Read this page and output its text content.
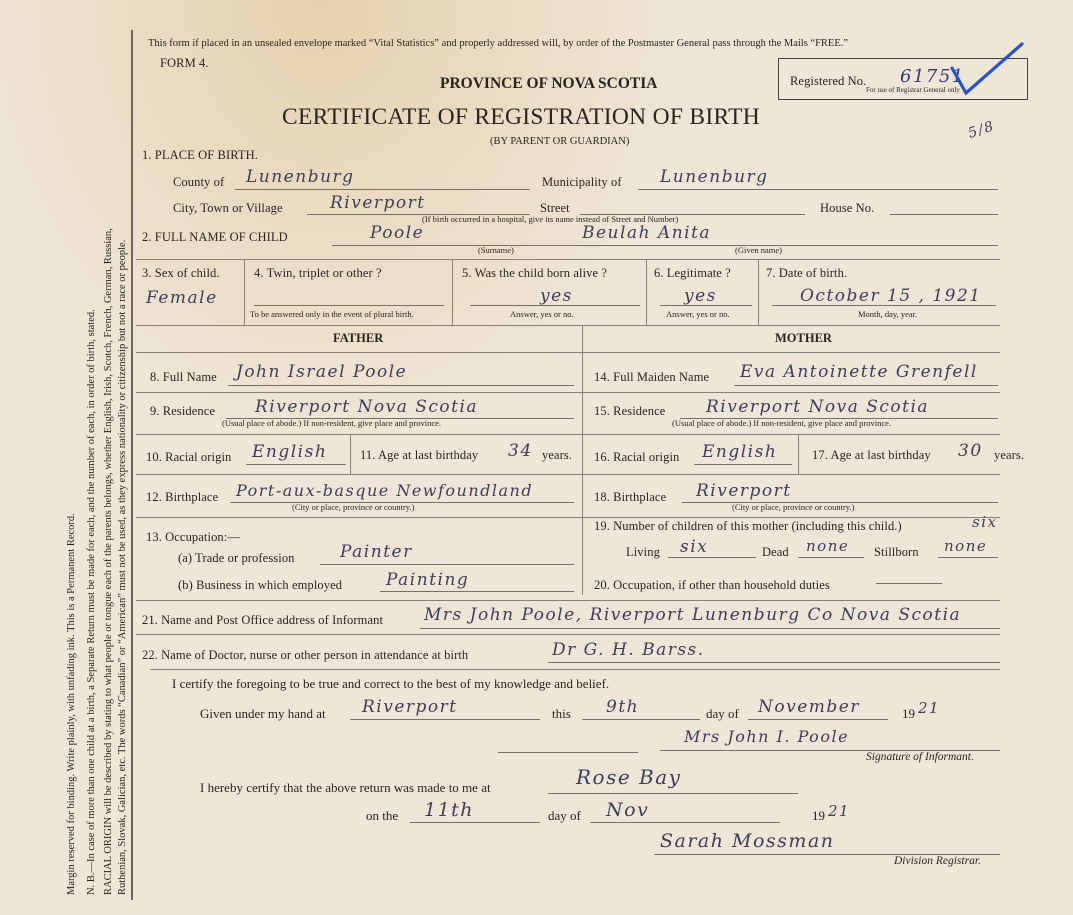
Margin reserved for binding. Write plainly, with unfading ink. This is a Permanent Record. N. B.—In case of more than one child at a birth, a Separate Return must be made for each, and the number of each, in order of birth, stated. RACIAL ORIGIN will be described by stating to what people or tongue each of the parents belongs, whether English, Irish, Scotch, French, German, Russian, Ruthenian, Slovak, Galician, etc. The words “Canadian” or “American” must not be used, as they express nationality or citizenship but not a race or people.
This form if placed in an unsealed envelope marked “Vital Statistics” and properly addressed will, by order of the Postmaster General pass through the Mails “FREE.”
FORM 4.
PROVINCE OF NOVA SCOTIA
CERTIFICATE OF REGISTRATION OF BIRTH
(BY PARENT OR GUARDIAN)
Registered No. 61751
For use of Registrar General only
5/8
1. PLACE OF BIRTH.
County of Lunenburg	Municipality of Lunenburg
City, Town or Village	Riverport	Street	House No.
(If birth occurred in a hospital, give its name instead of Street and Number)
2. FULL NAME OF CHILD	Poole	Beulah Anita
(Surname)	(Given name)
3. Sex of child.
Female
4. Twin, triplet or other ?
To be answered only in the event of plural birth.
5. Was the child born alive ?
yes
Answer, yes or no.
6. Legitimate ?
yes
Answer, yes or no.
7. Date of birth.
October 15 , 1921
Month, day, year.
FATHER	MOTHER
8. Full Name John Israel Poole
9. Residence Riverport Nova Scotia
(Usual place of abode.) If non-resident, give place and province.
10. Racial origin English	11. Age at last birthday 34 years.
12. Birthplace Port-aux-basque Newfoundland
(City or place, province or country.)
13. Occupation:—
(a) Trade or profession	Painter
(b) Business in which employed	Painting
14. Full Maiden Name Eva Antoinette Grenfell
15. Residence Riverport Nova Scotia
(Usual place of abode.) If non-resident, give place and province.
16. Racial origin English	17. Age at last birthday 30 years.
18. Birthplace Riverport
(City or place, province or country.)
19. Number of children of this mother (including this child.)	six
Living six	Dead none Stillborn none
20. Occupation, if other than household duties
21. Name and Post Office address of Informant Mrs John Poole, Riverport Lunenburg Co Nova Scotia
22. Name of Doctor, nurse or other person in attendance at birth	Dr G. H. Barss.
I certify the foregoing to be true and correct to the best of my knowledge and belief.
Given under my hand at Riverport	this 9th	day of November	19 21
Mrs John I. Poole
Signature of Informant.
I hereby certify that the above return was made to me at	Rose Bay
on the 11th	day of Nov	19 21
Sarah Mossman
Division Registrar.
